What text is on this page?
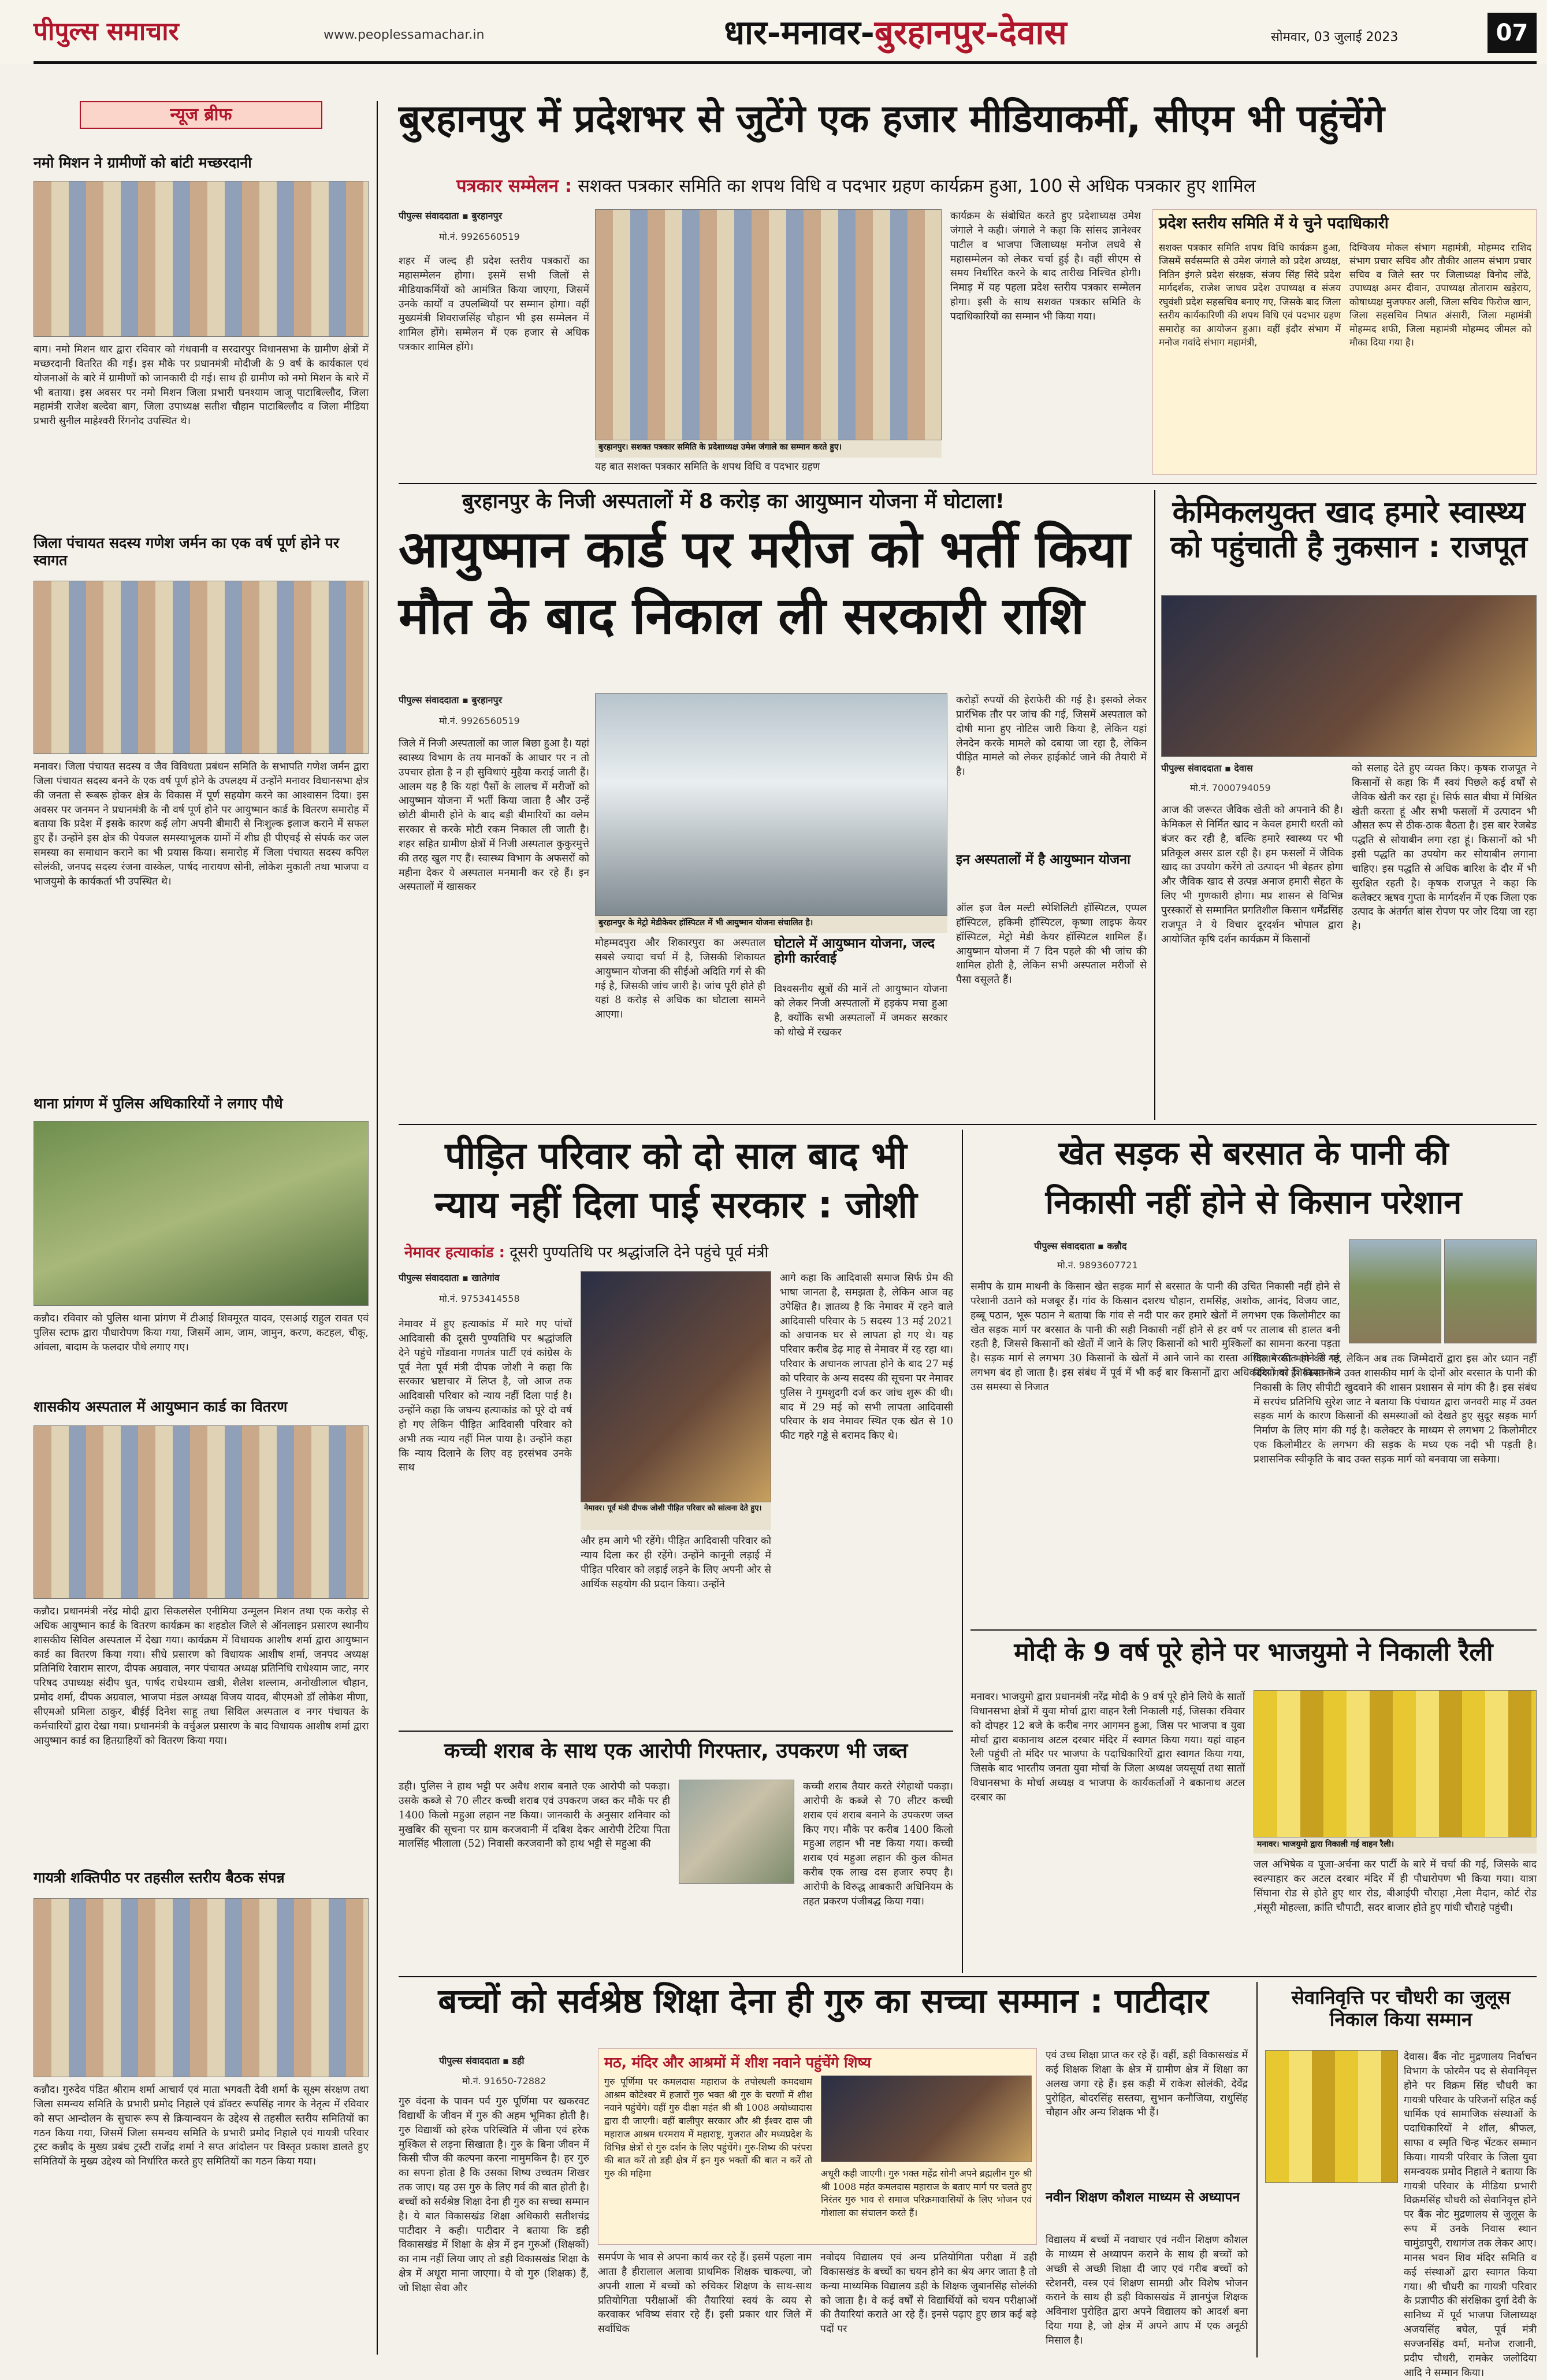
पीपुल्स समाचार	www.peoplessamachar.in	धार-मनावर-बुरहानपुर-देवास	सोमवार, 03 जुलाई 2023	07
न्यूज ब्रीफ
नमो मिशन ने ग्रामीणों को बांटी मच्छरदानी
बाग। नमो मिशन धार द्वारा रविवार को गंधवानी व सरदारपुर विधानसभा के ग्रामीण क्षेत्रों में मच्छरदानी वितरित की गई। इस मौके पर प्रधानमंत्री मोदीजी के 9 वर्ष के कार्यकाल एवं योजनाओं के बारे में ग्रामीणों को जानकारी दी गई। साथ ही ग्रामीण को नमो मिशन के बारे में भी बताया। इस अवसर पर नमो मिशन जिला प्रभारी घनश्याम जाजू पाटाबिल्लौद, जिला महामंत्री राजेश बल्देवा बाग, जिला उपाध्यक्ष सतीश चौहान पाटाबिल्लौद व जिला मीडिया प्रभारी सुनील माहेश्वरी रिंगनोद उपस्थित थे।
जिला पंचायत सदस्य गणेश जर्मन का एक वर्ष पूर्ण होने पर स्वागत
मनावर। जिला पंचायत सदस्य व जैव विविधता प्रबंधन समिति के सभापति गणेश जर्मन द्वारा जिला पंचायत सदस्य बनने के एक वर्ष पूर्ण होने के उपलक्ष्य में उन्होंने मनावर विधानसभा क्षेत्र की जनता से रूबरू होकर क्षेत्र के विकास में पूर्ण सहयोग करने का आश्वासन दिया। इस अवसर पर जनमन ने प्रधानमंत्री के नौ वर्ष पूर्ण होने पर आयुष्मान कार्ड के वितरण समारोह में बताया कि प्रदेश में इसके कारण कई लोग अपनी बीमारी से निःशुल्क इलाज कराने में सफल हुए हैं। उन्होंने इस क्षेत्र की पेयजल समस्याभूलक ग्रामों में शीघ्र ही पीएचई से संपर्क कर जल समस्या का समाधान कराने का भी प्रयास किया। समारोह में जिला पंचायत सदस्य कपिल सोलंकी, जनपद सदस्य रंजना वास्केल, पार्षद नारायण सोनी, लोकेश मुकाती तथा भाजपा व भाजयुमो के कार्यकर्ता भी उपस्थित थे।
थाना प्रांगण में पुलिस अधिकारियों ने लगाए पौधे
कन्नौद। रविवार को पुलिस थाना प्रांगण में टीआई शिवमूरत यादव, एसआई राहुल रावत एवं पुलिस स्टाफ द्वारा पौधारोपण किया गया, जिसमें आम, जाम, जामुन, करण, कटहल, चीकू, आंवला, बादाम के फलदार पौधे लगाए गए।
शासकीय अस्पताल में आयुष्मान कार्ड का वितरण
कन्नौद। प्रधानमंत्री नरेंद्र मोदी द्वारा सिकलसेल एनीमिया उन्मूलन मिशन तथा एक करोड़ से अधिक आयुष्मान कार्ड के वितरण कार्यक्रम का शहडोल जिले से ऑनलाइन प्रसारण स्थानीय शासकीय सिविल अस्पताल में देखा गया। कार्यक्रम में विधायक आशीष शर्मा द्वारा आयुष्मान कार्ड का वितरण किया गया। सीधे प्रसारण को विधायक आशीष शर्मा, जनपद अध्यक्ष प्रतिनिधि रेवाराम सारण, दीपक अग्रवाल, नगर पंचायत अध्यक्ष प्रतिनिधि राधेश्याम जाट, नगर परिषद उपाध्यक्ष संदीप धुत, पार्षद राधेश्याम खत्री, शैलेश शल्लाम, अनोखीलाल चौहान, प्रमोद शर्मा, दीपक अग्रवाल, भाजपा मंडल अध्यक्ष विजय यादव, बीएमओ डॉ लोकेश मीणा, सीएमओ प्रमिला ठाकुर, बीईई दिनेश साहू तथा सिविल अस्पताल व नगर पंचायत के कर्मचारियों द्वारा देखा गया। प्रधानमंत्री के वर्चुअल प्रसारण के बाद विधायक आशीष शर्मा द्वारा आयुष्मान कार्ड का हितग्राहियों को वितरण किया गया।
गायत्री शक्तिपीठ पर तहसील स्तरीय बैठक संपन्न
कन्नौद। गुरुदेव पंडित श्रीराम शर्मा आचार्य एवं माता भगवती देवी शर्मा के सूक्ष्म संरक्षण तथा जिला समन्वय समिति के प्रभारी प्रमोद निहाले एवं डॉक्टर रूपसिंह नागर के नेतृत्व में रविवार को सप्त आन्दोलन के सुचारू रूप से क्रियान्वयन के उद्देश्य से तहसील स्तरीय समितियों का गठन किया गया, जिसमें जिला समन्वय समिति के प्रभारी प्रमोद निहाले एवं गायत्री परिवार ट्रस्ट कन्नौद के मुख्य प्रबंध ट्रस्टी राजेंद्र शर्मा ने सप्त आंदोलन पर विस्तृत प्रकाश डालते हुए समितियों के मुख्य उद्देश्य को निर्धारित करते हुए समितियों का गठन किया गया।
बुरहानपुर में प्रदेशभर से जुटेंगे एक हजार मीडियाकर्मी, सीएम भी पहुंचेंगे
पत्रकार सम्मेलन : सशक्त पत्रकार समिति का शपथ विधि व पदभार ग्रहण कार्यक्रम हुआ, 100 से अधिक पत्रकार हुए शामिल
पीपुल्स संवाददाता ▪ बुरहानपुर
मो.नं. 9926560519
शहर में जल्द ही प्रदेश स्तरीय पत्रकारों का महासम्मेलन होगा। इसमें सभी जिलों से मीडियाकर्मियों को आमंत्रित किया जाएगा, जिसमें उनके कार्यों व उपलब्धियों पर सम्मान होगा। वहीं मुख्यमंत्री शिवराजसिंह चौहान भी इस सम्मेलन में शामिल होंगे। सम्मेलन में एक हजार से अधिक पत्रकार शामिल होंगे।
बुरहानपुर। सशक्त पत्रकार समिति के प्रदेशाध्यक्ष उमेश जंगाले का सम्मान करते हुए।
यह बात सशक्त पत्रकार समिति के शपथ विधि व पदभार ग्रहण
कार्यक्रम के संबोधित करते हुए प्रदेशाध्यक्ष उमेश जंगाले ने कही। जंगाले ने कहा कि सांसद ज्ञानेश्वर पाटील व भाजपा जिलाध्यक्ष मनोज लधवे से महासम्मेलन को लेकर चर्चा हुई है। वहीं सीएम से समय निर्धारित करने के बाद तारीख निश्चित होगी। निमाड़ में यह पहला प्रदेश स्तरीय पत्रकार सम्मेलन होगा। इसी के साथ सशक्त पत्रकार समिति के पदाधिकारियों का सम्मान भी किया गया।
प्रदेश स्तरीय समिति में ये चुने पदाधिकारी
सशक्त पत्रकार समिति शपथ विधि कार्यक्रम हुआ, जिसमें सर्वसम्मति से उमेश जंगाले को प्रदेश अध्यक्ष, नितिन इंगले प्रदेश संरक्षक, संजय सिंह सिंदे प्रदेश मार्गदर्शक, राजेश जाधव प्रदेश उपाध्यक्ष व संजय रघुवंशी प्रदेश सहसचिव बनाए गए, जिसके बाद जिला स्तरीय कार्यकारिणी की शपथ विधि एवं पदभार ग्रहण समारोह का आयोजन हुआ। वहीं इंदौर संभाग में मनोज गवांदे संभाग महामंत्री,
दिग्विजय मोकल संभाग महामंत्री, मोहम्मद राशिद संभाग प्रचार सचिव और तौकीर आलम संभाग प्रचार सचिव व जिले स्तर पर जिलाध्यक्ष विनोद लोंढे, उपाध्यक्ष अमर दीवान, उपाध्यक्ष तोताराम खड़ेराय, कोषाध्यक्ष मुजफ्फर अली, जिला सचिव फिरोज खान, जिला सहसचिव निषात अंसारी, जिला महामंत्री मोहम्मद शफी, जिला महामंत्री मोहम्मद जीमल को मौका दिया गया है।
बुरहानपुर के निजी अस्पतालों में 8 करोड़ का आयुष्मान योजना में घोटाला!
आयुष्मान कार्ड पर मरीज को भर्ती किया
मौत के बाद निकाल ली सरकारी राशि
पीपुल्स संवाददाता ▪ बुरहानपुर
मो.नं. 9926560519
जिले में निजी अस्पतालों का जाल बिछा हुआ है। यहां स्वास्थ्य विभाग के तय मानकों के आधार पर न तो उपचार होता है न ही सुविधाएं मुहैया कराई जाती हैं। आलम यह है कि यहां पैसों के लालच में मरीजों को आयुष्मान योजना में भर्ती किया जाता है और उन्हें छोटी बीमारी होने के बाद बड़ी बीमारियों का क्लेम सरकार से करके मोटी रकम निकाल ली जाती है। शहर सहित ग्रामीण क्षेत्रों में निजी अस्पताल कुकुरमुत्ते की तरह खुल गए हैं। स्वास्थ्य विभाग के अफसरों को महीना देकर ये अस्पताल मनमानी कर रहे हैं। इन अस्पतालों में खासकर
बुरहानपुर के मेट्रो मेडीकेयर हॉस्पिटल में भी आयुष्मान योजना संचालित है।
मोहम्मदपुरा और शिकारपुरा का अस्पताल सबसे ज्यादा चर्चा में है, जिसकी शिकायत आयुष्मान योजना की सीईओ अदिति गर्ग से की गई है, जिसकी जांच जारी है। जांच पूरी होते ही यहां 8 करोड़ से अधिक का घोटाला सामने आएगा।
घोटाले में आयुष्मान योजना, जल्द होगी कार्रवाई
विश्वसनीय सूत्रों की मानें तो आयुष्मान योजना को लेकर निजी अस्पतालों में हड़कंप मचा हुआ है, क्योंकि सभी अस्पतालों में जमकर सरकार को धोखे में रखकर
करोड़ों रुपयों की हेराफेरी की गई है। इसको लेकर प्रारंभिक तौर पर जांच की गई, जिसमें अस्पताल को दोषी माना हुए नोटिस जारी किया है, लेकिन यहां लेनदेन करके मामले को दबाया जा रहा है, लेकिन पीड़ित मामले को लेकर हाईकोर्ट जाने की तैयारी में है।
इन अस्पतालों में है आयुष्मान योजना
ऑल इज वैल मल्टी स्पेशिलिटी हॉस्पिटल, एप्पल हॉस्पिटल, हकिमी हॉस्पिटल, कृष्णा लाइफ केयर हॉस्पिटल, मेट्रो मेडी केयर हॉस्पिटल शामिल हैं। आयुष्मान योजना में 7 दिन पहले की भी जांच की शामिल होती है, लेकिन सभी अस्पताल मरीजों से पैसा वसूलते हैं।
केमिकलयुक्त खाद हमारे स्वास्थ्य को पहुंचाती है नुकसान : राजपूत
पीपुल्स संवाददाता ▪ देवास
मो.नं. 7000794059
आज की जरूरत जैविक खेती को अपनाने की है। केमिकल से निर्मित खाद न केवल हमारी धरती को बंजर कर रही है, बल्कि हमारे स्वास्थ्य पर भी प्रतिकूल असर डाल रही है। हम फसलों में जैविक खाद का उपयोग करेंगे तो उत्पादन भी बेहतर होगा और जैविक खाद से उत्पन्न अनाज हमारी सेहत के लिए भी गुणकारी होगा। मप्र शासन से विभिन्न पुरस्कारों से सम्मानित प्रगतिशील किसान धर्मेंद्रसिंह राजपूत ने ये विचार दूरदर्शन भोपाल द्वारा आयोजित कृषि दर्शन कार्यक्रम में किसानों
को सलाह देते हुए व्यक्त किए। कृषक राजपूत ने किसानों से कहा कि मैं स्वयं पिछले कई वर्षों से जैविक खेती कर रहा हूं। सिर्फ सात बीघा में मिश्रित खेती करता हूं और सभी फसलों में उत्पादन भी औसत रूप से ठीक-ठाक बैठता है। इस बार रेजबेड पद्धति से सोयाबीन लगा रहा हूं। किसानों को भी इसी पद्धति का उपयोग कर सोयाबीन लगाना चाहिए। इस पद्धति से अधिक बारिश के दौर में भी सुरक्षित रहती है। कृषक राजपूत ने कहा कि कलेक्टर ऋषव गुप्ता के मार्गदर्शन में एक जिला एक उत्पाद के अंतर्गत बांस रोपण पर जोर दिया जा रहा है।
पीड़ित परिवार को दो साल बाद भी
न्याय नहीं दिला पाई सरकार : जोशी
नेमावर हत्याकांड : दूसरी पुण्यतिथि पर श्रद्धांजलि देने पहुंचे पूर्व मंत्री
पीपुल्स संवाददाता ▪ खातेगांव
मो.नं. 9753414558
नेमावर में हुए हत्याकांड में मारे गए पांचों आदिवासी की दूसरी पुण्यतिथि पर श्रद्धांजलि देने पहुंचे गोंडवाना गणतंत्र पार्टी एवं कांग्रेस के पूर्व नेता पूर्व मंत्री दीपक जोशी ने कहा कि सरकार भ्रष्टाचार में लिप्त है, जो आज तक आदिवासी परिवार को न्याय नहीं दिला पाई है। उन्होंने कहा कि जघन्य हत्याकांड को पूरे दो वर्ष हो गए लेकिन पीड़ित आदिवासी परिवार को अभी तक न्याय नहीं मिल पाया है। उन्होंने कहा कि न्याय दिलाने के लिए वह हरसंभव उनके साथ
नेमावर। पूर्व मंत्री दीपक जोशी पीड़ित परिवार को सांत्वना देते हुए।
और हम आगे भी रहेंगे। पीड़ित आदिवासी परिवार को न्याय दिला कर ही रहेंगे। उन्होंने कानूनी लड़ाई में पीड़ित परिवार को लड़ाई लड़ने के लिए अपनी ओर से आर्थिक सहयोग की प्रदान किया। उन्होंने
आगे कहा कि आदिवासी समाज सिर्फ प्रेम की भाषा जानता है, समझता है, लेकिन आज वह उपेक्षित है। ज्ञातव्य है कि नेमावर में रहने वाले आदिवासी परिवार के 5 सदस्य 13 मई 2021 को अचानक घर से लापता हो गए थे। यह परिवार करीब डेढ़ माह से नेमावर में रह रहा था। परिवार के अचानक लापता होने के बाद 27 मई को परिवार के अन्य सदस्य की सूचना पर नेमावर पुलिस ने गुमशुदगी दर्ज कर जांच शुरू की थी। बाद में 29 मई को सभी लापता आदिवासी परिवार के शव नेमावर स्थित एक खेत से 10 फीट गहरे गड्ढे से बरामद किए थे।
खेत सड़क से बरसात के पानी की
निकासी नहीं होने से किसान परेशान
पीपुल्स संवाददाता ▪ कन्नौद
मो.नं. 9893607721
समीप के ग्राम माथनी के किसान खेत सड़क मार्ग से बरसात के पानी की उचित निकासी नहीं होने से परेशानी उठाने को मजबूर हैं। गांव के किसान दशरथ चौहान, रामसिंह, अशोक, आनंद, विजय जाट, हब्बू पठान, भूरू पठान ने बताया कि गांव से नदी पार कर हमारे खेतों में लगभग एक किलोमीटर का खेत सड़क मार्ग पर बरसात के पानी की सही निकासी नहीं होने से हर वर्ष पर तालाब सी हालत बनी रहती है, जिससे किसानों को खेतों में जाने के लिए किसानों को भारी मुश्किलों का सामना करना पड़ता है। सड़क मार्ग से लगभग 30 किसानों के खेतों में आने जाने का रास्ता अधिक बरसात होने से पर लगभग बंद हो जाता है। इस संबंध में पूर्व में भी कई बार किसानों द्वारा अधिकारियों को शिकायत कर उस समस्या से निजात
दिलाने की मांग की गई, लेकिन अब तक जिम्मेदारों द्वारा इस ओर ध्यान नहीं दिया गया है। किसानों ने उक्त शासकीय मार्ग के दोनों ओर बरसात के पानी की निकासी के लिए सीपीटी खुदवाने की शासन प्रशासन से मांग की है। इस संबंध में सरपंच प्रतिनिधि सुरेश जाट ने बताया कि पंचायत द्वारा जनवरी माह में उक्त सड़क मार्ग के कारण किसानों की समस्याओं को देखते हुए सुदूर सड़क मार्ग निर्माण के लिए मांग की गई है। कलेक्टर के माध्यम से लगभग 2 किलोमीटर एक किलोमीटर के लगभग की सड़क के मध्य एक नदी भी पड़ती है। प्रशासनिक स्वीकृति के बाद उक्त सड़क मार्ग को बनवाया जा सकेगा।
मोदी के 9 वर्ष पूरे होने पर भाजयुमो ने निकाली रैली
मनावर। भाजयुमो द्वारा प्रधानमंत्री नरेंद्र मोदी के 9 वर्ष पूरे होने लिये के सातों विधानसभा क्षेत्रों में युवा मोर्चा द्वारा वाहन रैली निकाली गई, जिसका रविवार को दोपहर 12 बजे के करीब नगर आगमन हुआ, जिस पर भाजपा व युवा मोर्चा द्वारा बकानाथ अटल दरबार मंदिर में स्वागत किया गया। यहां वाहन रैली पहुंची तो मंदिर पर भाजपा के पदाधिकारियों द्वारा स्वागत किया गया, जिसके बाद भारतीय जनता युवा मोर्चा के जिला अध्यक्ष जयसूर्या तथा सातों विधानसभा के मोर्चा अध्यक्ष व भाजपा के कार्यकर्ताओं ने बकानाथ अटल दरबार का
मनावर। भाजयुमो द्वारा निकाली गई वाहन रैली।
जल अभिषेक व पूजा-अर्चना कर पार्टी के बारे में चर्चा की गई, जिसके बाद स्वल्पाहार कर अटल दरबार मंदिर में ही पौधारोपण भी किया गया। यात्रा सिंघाना रोड से होते हुए धार रोड, बीआईपी चौराहा ,मेला मैदान, कोर्ट रोड ,मंसूरी मोहल्ला, क्रांति चौपाटी, सदर बाजार होते हुए गांधी चौराहे पहुंची।
कच्ची शराब के साथ एक आरोपी गिरफ्तार, उपकरण भी जब्त
डही। पुलिस ने हाथ भट्टी पर अवैध शराब बनाते एक आरोपी को पकड़ा। उसके कब्जे से 70 लीटर कच्ची शराब एवं उपकरण जब्त कर मौके पर ही 1400 किलो महुआ लहान नष्ट किया। जानकारी के अनुसार शनिवार को मुखबिर की सूचना पर ग्राम करजवानी में दबिश देकर आरोपी टेटिया पिता मालसिंह भीलाला (52) निवासी करजवानी को हाथ भट्टी से महुआ की
कच्ची शराब तैयार करते रंगेहाथों पकड़ा। आरोपी के कब्जे से 70 लीटर कच्ची शराब एवं शराब बनाने के उपकरण जब्त किए गए। मौके पर करीब 1400 किलो महुआ लहान भी नष्ट किया गया। कच्ची शराब एवं महुआ लहान की कुल कीमत करीब एक लाख दस हजार रुपए है। आरोपी के विरुद्ध आबकारी अधिनियम के तहत प्रकरण पंजीबद्ध किया गया।
बच्चों को सर्वश्रेष्ठ शिक्षा देना ही गुरु का सच्चा सम्मान : पाटीदार
पीपुल्स संवाददाता ▪ डही
मो.नं. 91650-72882
गुरु वंदना के पावन पर्व गुरु पूर्णिमा पर खकरवट विद्यार्थी के जीवन में गुरु की अहम भूमिका होती है। गुरु विद्यार्थी को हरेक परिस्थिति में जीना एवं हरेक मुश्किल से लड़ना सिखाता है। गुरु के बिना जीवन में किसी चीज की कल्पना करना नामुमकिन है। हर गुरु का सपना होता है कि उसका शिष्य उच्चतम शिखर तक जाए। यह उस गुरु के लिए गर्व की बात होती है। बच्चों को सर्वश्रेष्ठ शिक्षा देना ही गुरु का सच्चा सम्मान है। ये बात विकासखंड शिक्षा अधिकारी सतीशचंद्र पाटीदार ने कही। पाटीदार ने बताया कि डही विकासखंड में शिक्षा के क्षेत्र में इन गुरुओं (शिक्षकों) का नाम नहीं लिया जाए तो डही विकासखंड शिक्षा के क्षेत्र में अधूरा माना जाएगा। ये वो गुरु (शिक्षक) हैं, जो शिक्षा सेवा और
मठ, मंदिर और आश्रमों में शीश नवाने पहुंचेंगे शिष्य
गुरु पूर्णिमा पर कमलदास महाराज के तपोस्थली कमदधाम आश्रम कोटेश्वर में हजारों गुरु भक्त श्री गुरु के चरणों में शीश नवाने पहुंचेंगे। वहीं गुरु दीक्षा महंत श्री श्री 1008 अयोध्यादास द्वारा दी जाएगी। वहीं बालीपुर सरकार और श्री ईश्वर दास जी महाराज आश्रम धरमराय में महाराष्ट्र, गुजरात और मध्यप्रदेश के विभिन्न क्षेत्रों से गुरु दर्शन के लिए पहुंचेंगे। गुरु-शिष्य की परंपरा की बात करें तो डही क्षेत्र में इन गुरु भक्तों की बात न करें तो गुरु की महिमा	अधूरी कही जाएगी। गुरु भक्त महेंद्र सोनी अपने ब्रह्मलीन गुरु श्री श्री 1008 महंत कमलदास महाराज के बताए मार्ग पर चलते हुए निरंतर गुरु भाव से समाज परिक्रमावासियों के लिए भोजन एवं गोशाला का संचालन करते हैं।
समर्पण के भाव से अपना कार्य कर रहे हैं। इसमें पहला नाम आता है हीरालाल अलावा प्राथमिक शिक्षक चाकल्या, जो अपनी शाला में बच्चों को रुचिकर शिक्षण के साथ-साथ प्रतियोगिता परीक्षाओं की तैयारियां स्वयं के व्यय से करवाकर भविष्य संवार रहे हैं। इसी प्रकार धार जिले में सर्वाधिक
नवोदय विद्यालय एवं अन्य प्रतियोगिता परीक्षा में डही विकासखंड के बच्चों का चयन होने का श्रेय अगर जाता है तो कन्या माध्यमिक विद्यालय डही के शिक्षक जुबानसिंह सोलंकी को जाता है। वे कई वर्षों से विद्यार्थियों को चयन परीक्षाओं की तैयारियां कराते आ रहे हैं। इनसे पढ़ाए हुए छात्र कई बड़े पदों पर
एवं उच्च शिक्षा प्राप्त कर रहे हैं। वहीं, डही विकासखंड में कई शिक्षक शिक्षा के क्षेत्र में ग्रामीण क्षेत्र में शिक्षा का अलख जगा रहे हैं। इस कड़ी में राकेश सोलंकी, देवेंद्र पुरोहित, बोदरसिंह सस्तया, सुभान कनौजिया, राधुसिंह चौहान और अन्य शिक्षक भी हैं।
नवीन शिक्षण कौशल माध्यम से अध्यापन
विद्यालय में बच्चों में नवाचार एवं नवीन शिक्षण कौशल के माध्यम से अध्यापन कराने के साथ ही बच्चों को अच्छी से अच्छी शिक्षा दी जाए एवं गरीब बच्चों को स्टेशनरी, वस्त्र एवं शिक्षण सामग्री और विशेष भोजन कराने के साथ ही डही विकासखंड में ज्ञानपुंज शिक्षक अविनाश पुरोहित द्वारा अपने विद्यालय को आदर्श बना दिया गया है, जो क्षेत्र में अपने आप में एक अनूठी मिसाल है।
सेवानिवृत्ति पर चौधरी का जुलूस निकाल किया सम्मान
देवास। बैंक नोट मुद्रणालय निर्वाचन विभाग के फोरमैन पद से सेवानिवृत्त होने पर विक्रम सिंह चौधरी का गायत्री परिवार के परिजनों सहित कई धार्मिक एवं सामाजिक संस्थाओं के पदाधिकारियों ने शॉल, श्रीफल, साफा व स्मृति चिन्ह भेंटकर सम्मान किया। गायत्री परिवार के जिला युवा समन्वयक प्रमोद निहाले ने बताया कि गायत्री परिवार के मीडिया प्रभारी विक्रमसिंह चौधरी को सेवानिवृत्त होने पर बैंक नोट मुद्रणालय से जुलूस के रूप में उनके निवास स्थान चामुंडापुरी, राधागंज तक लेकर आए। मानस भवन शिव मंदिर समिति व कई संस्थाओं द्वारा स्वागत किया गया। श्री चौधरी का गायत्री परिवार के प्रज्ञापीठ की संरक्षिका दुर्गा देवी के सानिध्य में पूर्व भाजपा जिलाध्यक्ष अजयसिंह बघेल, पूर्व मंत्री सज्जनसिंह वर्मा, मनोज राजानी, प्रदीप चौधरी, रामकेर जलोदिया आदि ने सम्मान किया।
